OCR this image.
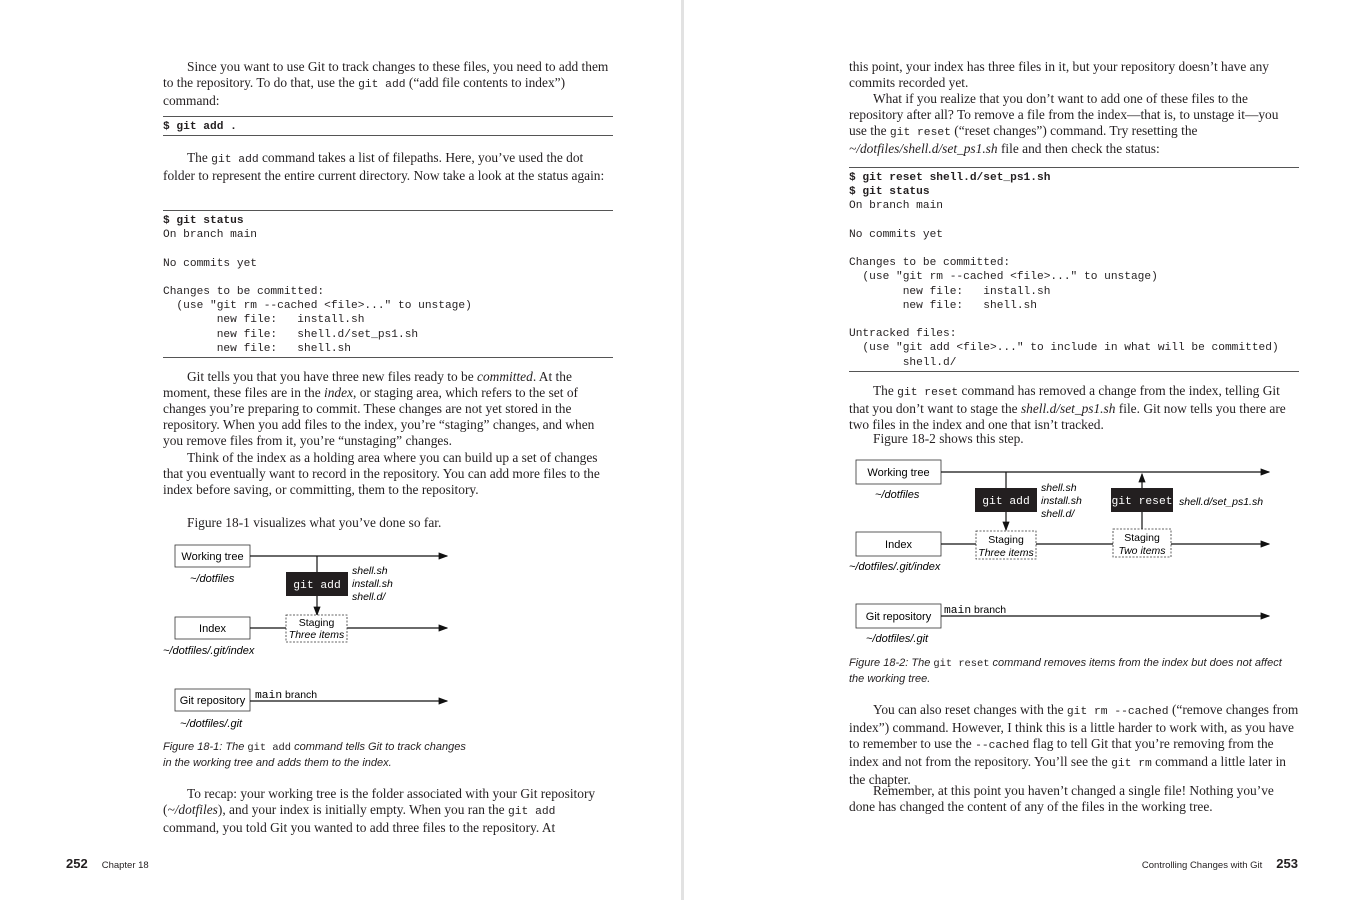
Since you want to use Git to track changes to these files, you need to add them to the repository. To do that, use the git add (“add file contents to index”) command:
$ git add .
The git add command takes a list of filepaths. Here, you’ve used the dot folder to represent the entire current directory. Now take a look at the status again:
$ git status
On branch main

No commits yet

Changes to be committed:
(use "git rm --cached <file>..." to unstage)
new file:   install.sh
new file:   shell.d/set_ps1.sh
new file:   shell.sh
Git tells you that you have three new files ready to be committed. At the moment, these files are in the index, or staging area, which refers to the set of changes you’re preparing to commit. These changes are not yet stored in the repository. When you add files to the index, you’re “staging” changes, and when you remove files from it, you’re “unstaging” changes.
Think of the index as a holding area where you can build up a set of changes that you eventually want to record in the repository. You can add more files to the index before saving, or committing, them to the repository.
Figure 18-1 visualizes what you’ve done so far.
Working tree
~/dotfiles
git add
shell.sh
install.sh
shell.d/
Index
~/dotfiles/.git/index
Staging
Three items
Git repository main branch
~/dotfiles/.git
Figure 18-1: The git add command tells Git to track changes in the working tree and adds them to the index.
To recap: your working tree is the folder associated with your Git repository (~/dotfiles), and your index is initially empty. When you ran the git add command, you told Git you wanted to add three files to the repository. At
252 Chapter 18
this point, your index has three files in it, but your repository doesn’t have any commits recorded yet.
What if you realize that you don’t want to add one of these files to the repository after all? To remove a file from the index—that is, to unstage it—you use the git reset (“reset changes”) command. Try resetting the ~/dotfiles/shell.d/set_ps1.sh file and then check the status:
$ git reset shell.d/set_ps1.sh
$ git status
On branch main

No commits yet

Changes to be committed:
(use "git rm --cached <file>..." to unstage)
new file:   install.sh
new file:   shell.sh

Untracked files:
(use "git add <file>..." to include in what will be committed)
shell.d/
The git reset command has removed a change from the index, telling Git that you don’t want to stage the shell.d/set_ps1.sh file. Git now tells you there are two files in the index and one that isn’t tracked.
Figure 18-2 shows this step.
Working tree
~/dotfiles
git add
shell.sh
install.sh
shell.d/
git reset shell.d/set_ps1.sh
Index
~/dotfiles/.git/index
Staging
Three items
Staging
Two items
Git repository main branch
~/dotfiles/.git
Figure 18-2: The git reset command removes items from the index but does not affect the working tree.
You can also reset changes with the git rm --cached (“remove changes from index”) command. However, I think this is a little harder to work with, as you have to remember to use the --cached flag to tell Git that you’re removing from the index and not from the repository. You’ll see the git rm command a little later in the chapter.
Remember, at this point you haven’t changed a single file! Nothing you’ve done has changed the content of any of the files in the working tree.
Controlling Changes with Git 253
